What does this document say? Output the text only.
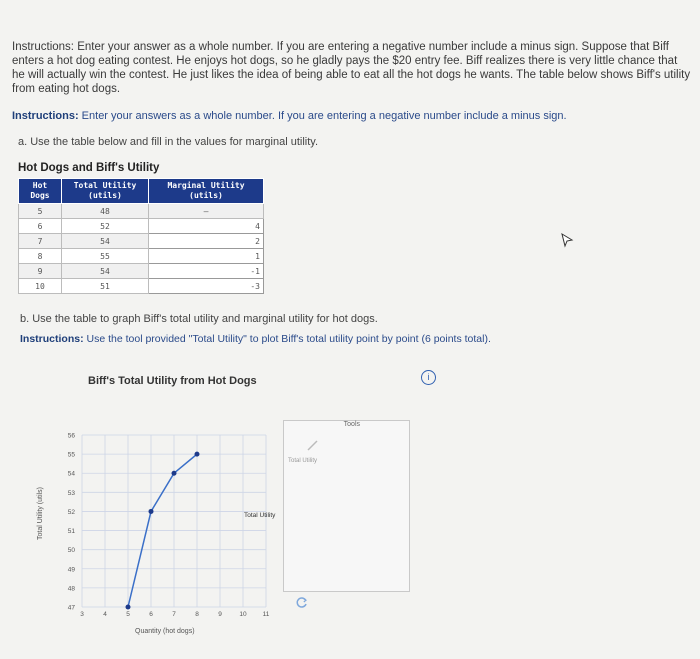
Instructions: Enter your answer as a whole number. If you are entering a negative number include a minus sign. Suppose that Biff enters a hot dog eating contest. He enjoys hot dogs, so he gladly pays the $20 entry fee. Biff realizes there is very little chance that he will actually win the contest. He just likes the idea of being able to eat all the hot dogs he wants. The table below shows Biff's utility from eating hot dogs.
Instructions: Enter your answers as a whole number. If you are entering a negative number include a minus sign.
a. Use the table below and fill in the values for marginal utility.
Hot Dogs and Biff's Utility
Hot Dogs	Total Utility (utils)	Marginal Utility (utils)
5	48	–
6	52	4
7	54	2
8	55	1
9	54	-1
10	51	-3
b. Use the table to graph Biff's total utility and marginal utility for hot dogs.
Instructions: Use the tool provided "Total Utility" to plot Biff's total utility point by point (6 points total).
Biff's Total Utility from Hot Dogs	i
3	4	5	6	7	8	9	10 11
47
48
49
50
51
52
53
54
55
56
Total Utility (utils)
Quantity (hot dogs)
Total Utility
Tools
Total Utility
